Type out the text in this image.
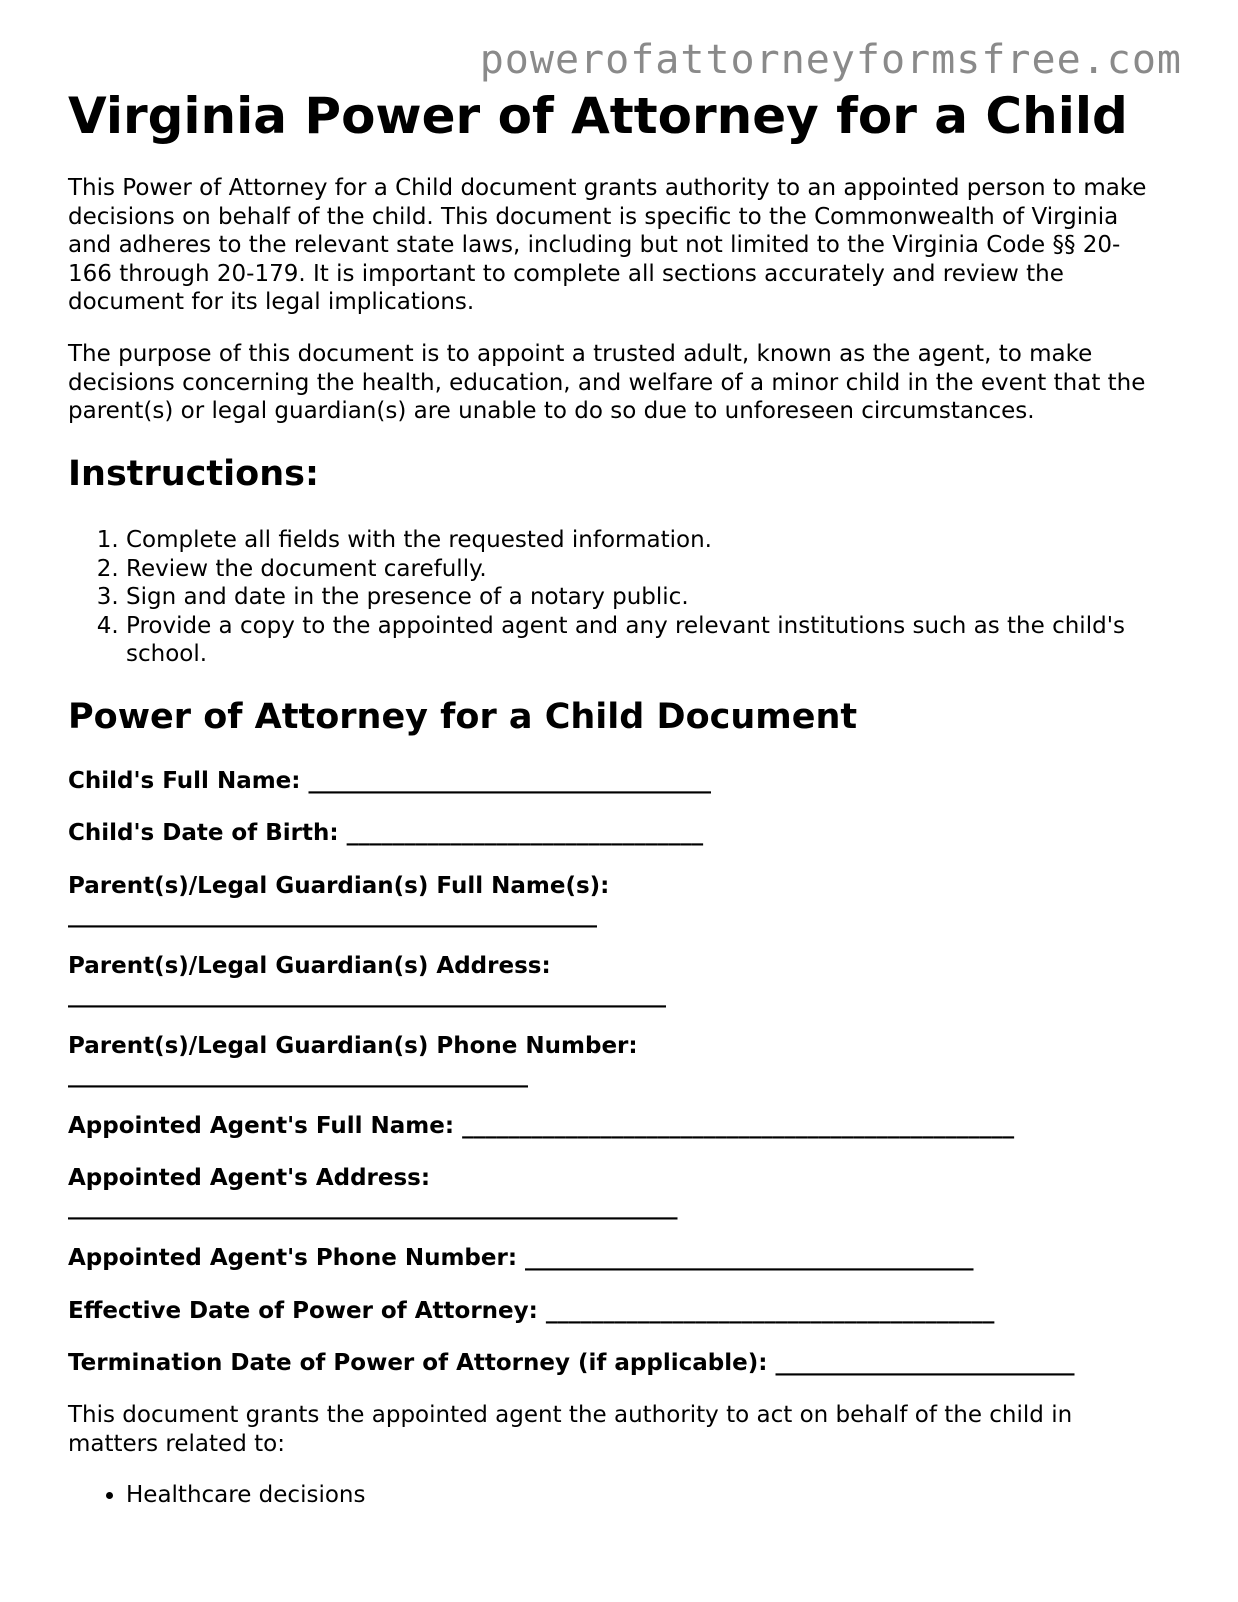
powerofattorneyformsfree.com
Virginia Power of Attorney for a Child

This Power of Attorney for a Child document grants authority to an appointed person to make decisions on behalf of the child. This document is specific to the Commonwealth of Virginia and adheres to the relevant state laws, including but not limited to the Virginia Code §§ 20-166 through 20-179. It is important to complete all sections accurately and review the document for its legal implications.

The purpose of this document is to appoint a trusted adult, known as the agent, to make decisions concerning the health, education, and welfare of a minor child in the event that the parent(s) or legal guardian(s) are unable to do so due to unforeseen circumstances.

Instructions:
1. Complete all fields with the requested information.
2. Review the document carefully.
3. Sign and date in the presence of a notary public.
4. Provide a copy to the appointed agent and any relevant institutions such as the child's school.
Power of Attorney for a Child Document
Child's Full Name: ___________________________________
Child's Date of Birth: _______________________________
Parent(s)/Legal Guardian(s) Full Name(s):
______________________________________________
Parent(s)/Legal Guardian(s) Address:
____________________________________________________
Parent(s)/Legal Guardian(s) Phone Number:
________________________________________
Appointed Agent's Full Name: ________________________________________________
Appointed Agent's Address:
_____________________________________________________
Appointed Agent's Phone Number: _______________________________________
Effective Date of Power of Attorney: _______________________________________
Termination Date of Power of Attorney (if applicable): __________________________

This document grants the appointed agent the authority to act on behalf of the child in matters related to:

• Healthcare decisions
